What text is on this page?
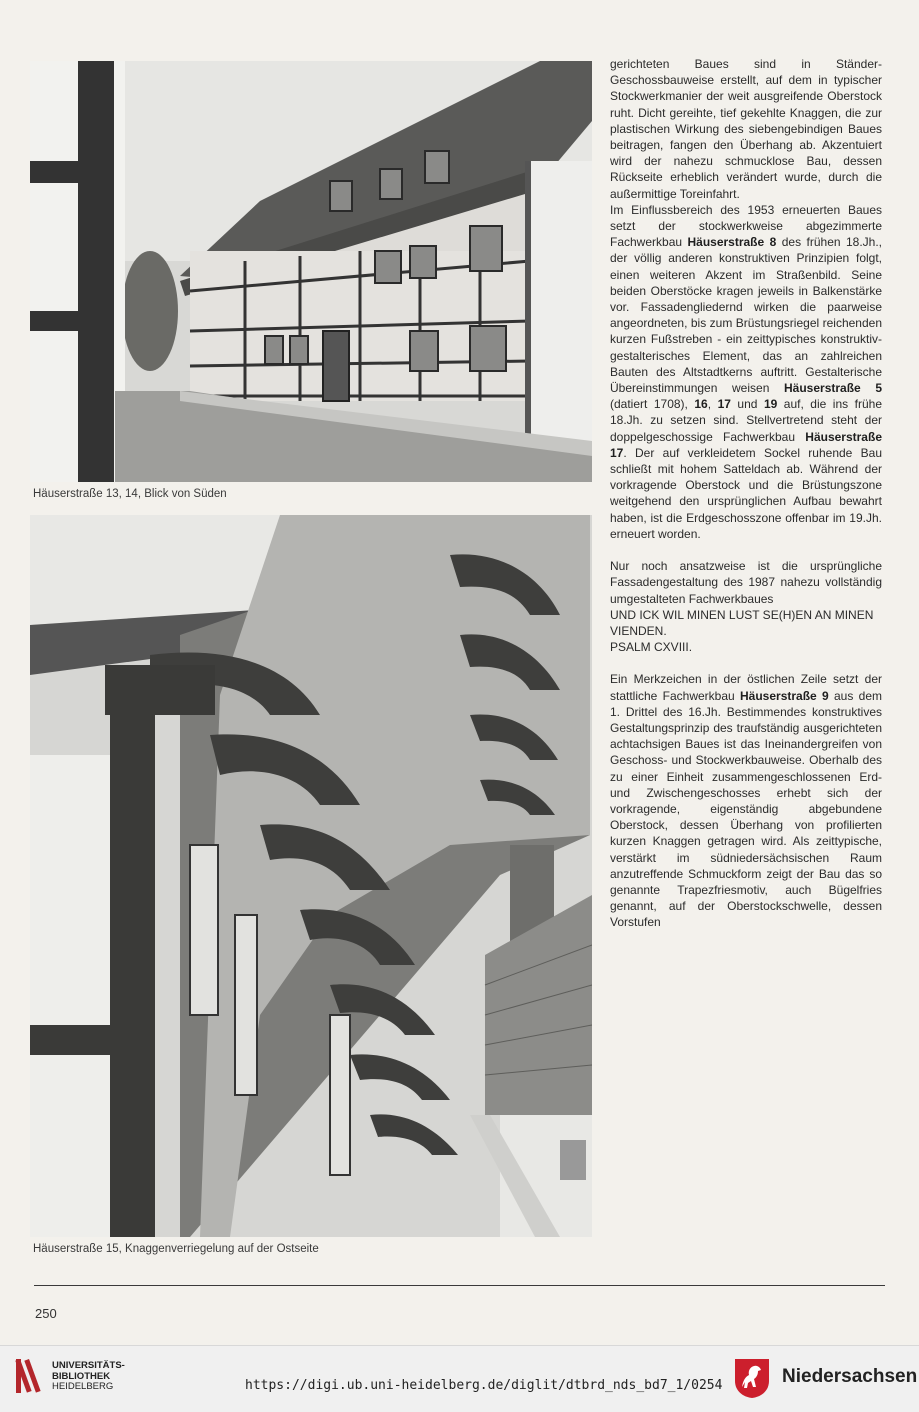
Häuserstraße 13, 14, Blick von Süden
Häuserstraße 15, Knaggenverriegelung auf der Ostseite

gerichteten Baues sind in Ständer-Geschossbauweise erstellt, auf dem in typischer Stockwerkmanier der weit ausgreifende Oberstock ruht. Dicht gereihte, tief gekehlte Knaggen, die zur plastischen Wirkung des siebengebindigen Baues beitragen, fangen den Überhang ab. Akzentuiert wird der nahezu schmucklose Bau, dessen Rückseite erheblich verändert wurde, durch die außermittige Toreinfahrt.

Im Einflussbereich des 1953 erneuerten Baues setzt der stockwerkweise abgezimmerte Fachwerkbau Häuserstraße 8 des frühen 18.Jh., der völlig anderen konstruktiven Prinzipien folgt, einen weiteren Akzent im Straßenbild. Seine beiden Oberstöcke kragen jeweils in Balkenstärke vor. Fassadengliedernd wirken die paarweise angeordneten, bis zum Brüstungsriegel reichenden kurzen Fußstreben - ein zeittypisches konstruktiv-gestalterisches Element, das an zahlreichen Bauten des Altstadtkerns auftritt. Gestalterische Übereinstimmungen weisen Häuserstraße 5 (datiert 1708), 16, 17 und 19 auf, die ins frühe 18.Jh. zu setzen sind. Stellvertretend steht der doppelgeschossige Fachwerkbau Häuserstraße 17. Der auf verkleidetem Sockel ruhende Bau schließt mit hohem Satteldach ab. Während der vorkragende Oberstock und die Brüstungszone weitgehend den ursprünglichen Aufbau bewahrt haben, ist die Erdgeschosszone offenbar im 19.Jh. erneuert worden.

Nur noch ansatzweise ist die ursprüngliche Fassadengestaltung des 1987 nahezu vollständig umgestalteten Fachwerkbaues

UND ICK WIL MINEN LUST SE(H)EN AN MINEN VIENDEN.

PSALM CXVIII.

Ein Merkzeichen in der östlichen Zeile setzt der stattliche Fachwerkbau Häuserstraße 9 aus dem 1. Drittel des 16.Jh. Bestimmendes konstruktives Gestaltungsprinzip des traufständig ausgerichteten achtachsigen Baues ist das Ineinandergreifen von Geschoss- und Stockwerkbauweise. Oberhalb des zu einer Einheit zusammengeschlossenen Erd- und Zwischengeschosses erhebt sich der vorkragende, eigenständig abgebundene Oberstock, dessen Überhang von profilierten kurzen Knaggen getragen wird. Als zeittypische, verstärkt im südniedersächsischen Raum anzutreffende Schmuckform zeigt der Bau das so genannte Trapezfriesmotiv, auch Bügelfries genannt, auf der Oberstockschwelle, dessen Vorstufen

250
UNIVERSITÄTS-
BIBLIOTHEK
HEIDELBERG	https://digi.ub.uni-heidelberg.de/diglit/dtbrd_nds_bd7_1/0254	Niedersachsen
